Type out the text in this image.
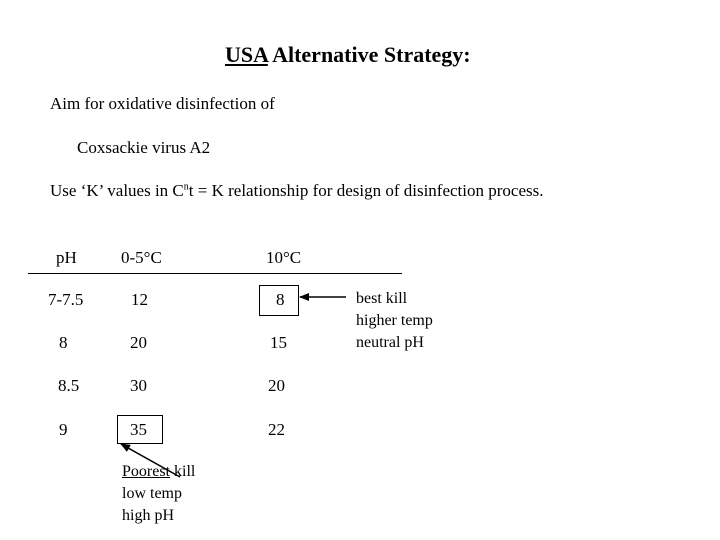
USA Alternative Strategy:
Aim for oxidative disinfection of
Coxsackie virus A2
Use ‘K’ values in $C^nt = K$ relationship for design of disinfection process.
pH	0-5°C	10°C
7-7.5	12	8
8	20	15
8.5	30	20
9	35	22
best kill
higher temp
neutral pH
Poorest kill
low temp
high pH
